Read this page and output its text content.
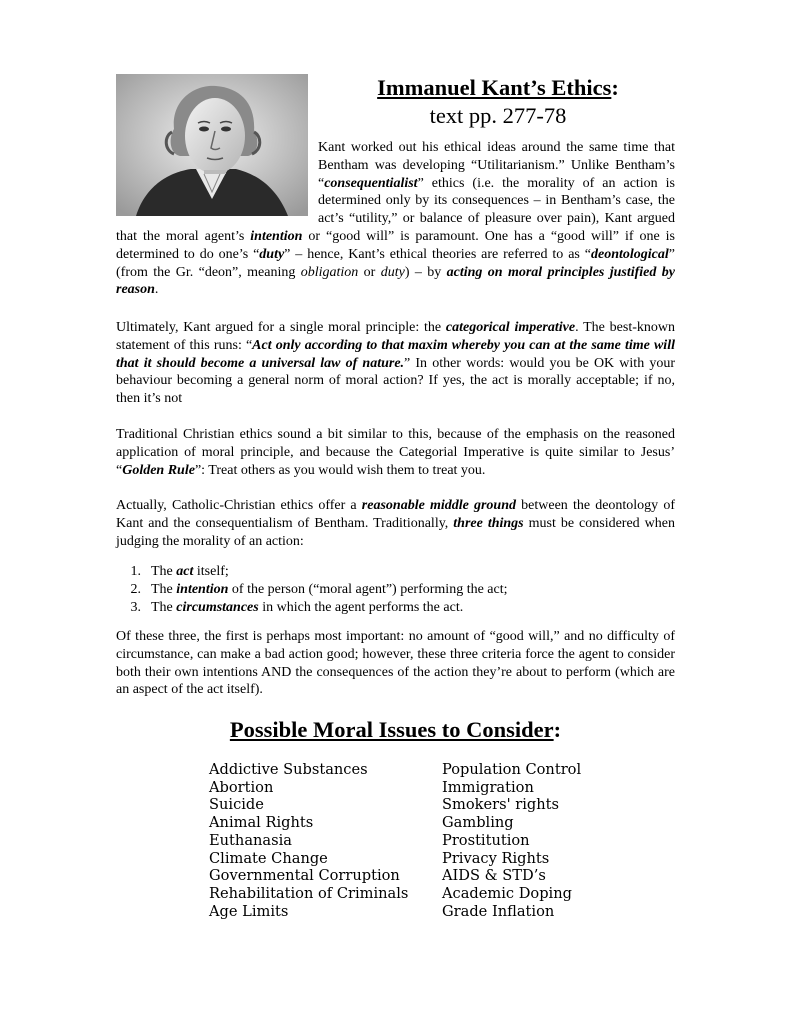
Immanuel Kant’s Ethics:
text pp. 277-78

Kant worked out his ethical ideas around the same time that Bentham was developing “Utilitarianism.” Unlike Bentham’s “consequentialist” ethics (i.e. the morality of an action is determined only by its consequences – in Bentham’s case, the act’s “utility,” or balance of pleasure over pain), Kant argued that the moral agent’s intention or “good will” is paramount. One has a “good will” if one is determined to do one’s “duty” – hence, Kant’s ethical theories are referred to as “deontological” (from the Gr. “deon”, meaning obligation or duty) – by acting on moral principles justified by reason.

Ultimately, Kant argued for a single moral principle: the categorical imperative. The best-known statement of this runs: “Act only according to that maxim whereby you can at the same time will that it should become a universal law of nature.” In other words: would you be OK with your behaviour becoming a general norm of moral action? If yes, the act is morally acceptable; if no, then it’s not

Traditional Christian ethics sound a bit similar to this, because of the emphasis on the reasoned application of moral principle, and because the Categorial Imperative is quite similar to Jesus’ “Golden Rule”: Treat others as you would wish them to treat you.

Actually, Catholic-Christian ethics offer a reasonable middle ground between the deontology of Kant and the consequentialism of Bentham. Traditionally, three things must be considered when judging the morality of an action:

1. The act itself;
2. The intention of the person (“moral agent”) performing the act;
3. The circumstances in which the agent performs the act.

Of these three, the first is perhaps most important: no amount of “good will,” and no difficulty of circumstance, can make a bad action good; however, these three criteria force the agent to consider both their own intentions AND the consequences of the action they’re about to perform (which are an aspect of the act itself).

Possible Moral Issues to Consider:
Addictive Substances
Abortion
Suicide
Animal Rights
Euthanasia
Climate Change
Governmental Corruption
Rehabilitation of Criminals
Age Limits
Population Control
Immigration
Smokers' rights
Gambling
Prostitution
Privacy Rights
AIDS & STD’s
Academic Doping
Grade Inflation
